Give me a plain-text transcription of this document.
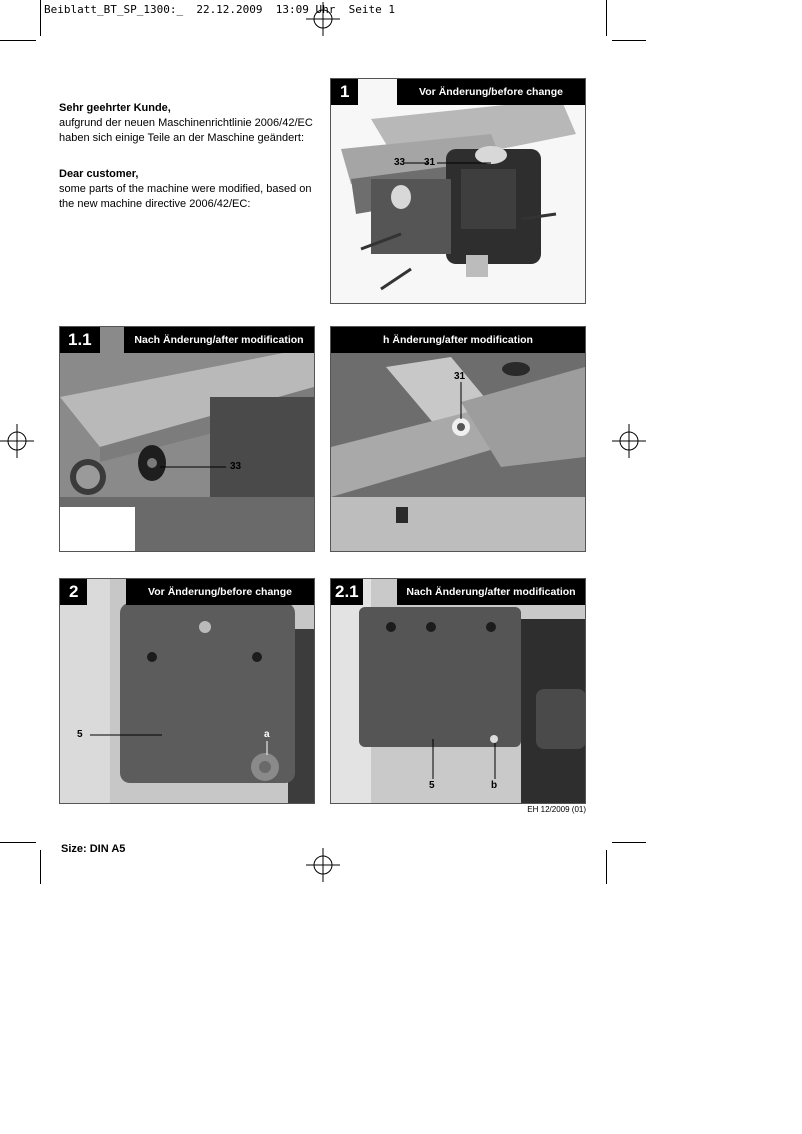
Beiblatt_BT_SP_1300:_  22.12.2009  13:09 Uhr  Seite 1
Sehr geehrter Kunde,
aufgrund der neuen Maschinenrichtlinie 2006/42/EC
haben sich einige Teile an der Maschine geändert:
Dear customer,
some parts of the machine were modified, based on
the new machine directive 2006/42/EC:
1	Vor Änderung/before change
33 31
1.1	Nach Änderung/after modification
33
h Änderung/after modification
31
2	Vor Änderung/before change
5	a
2.1	Nach Änderung/after modification
5	b
EH 12/2009 (01)
Size: DIN A5
